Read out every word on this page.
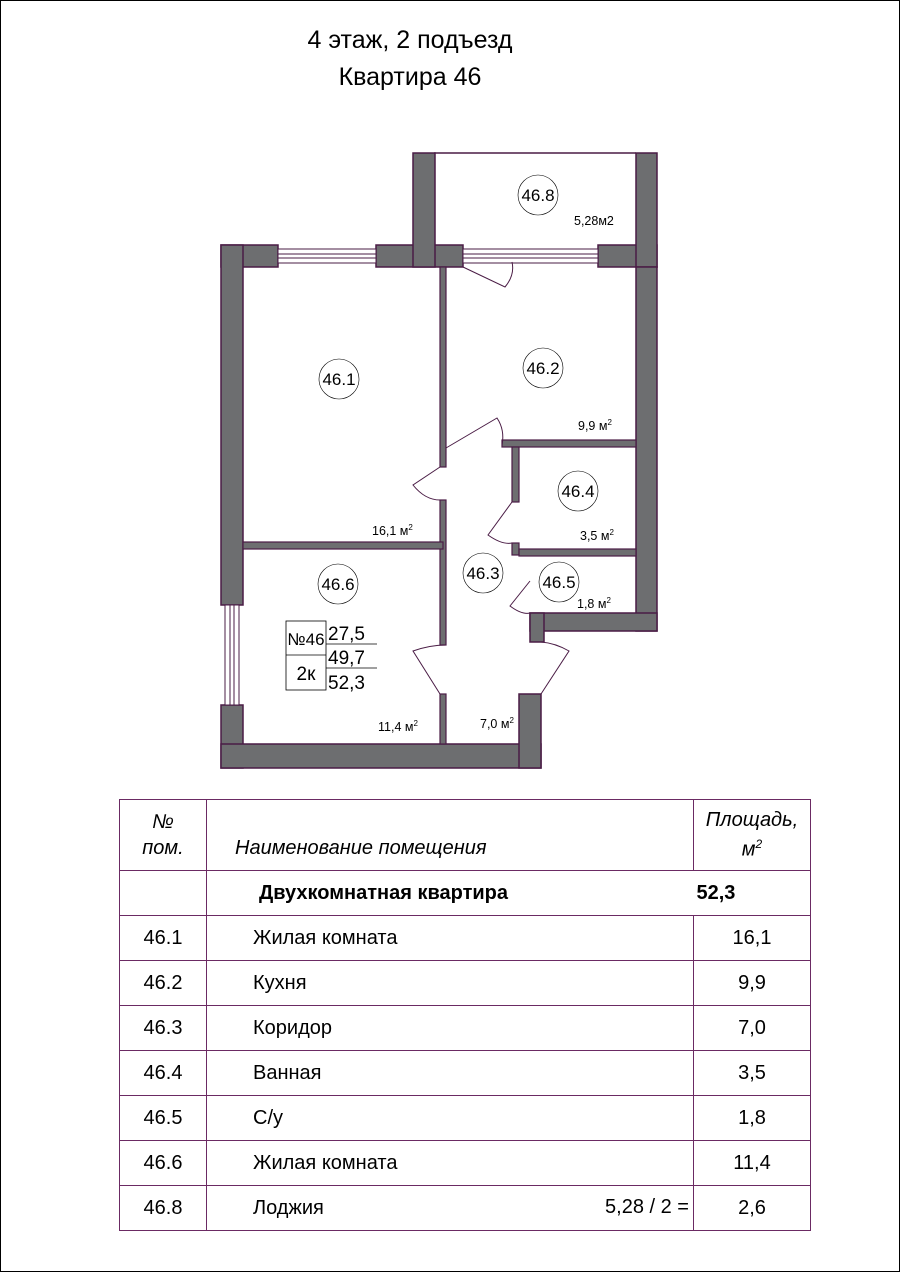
4 этаж, 2 подъезд
Квартира 46
46.8
5,28м2
46.1
16,1 $м^2$
46.2
9,9 $м^2$
46.4
3,5 $м^2$
46.3
7,0 $м^2$
46.5
1,8 $м^2$
46.6
11,4 $м^2$
№46
2к
27,5
49,7
52,3
№
пом.	Наименование помещения	Площадь,
$м^2$
	Двухкомнатная квартира	52,3
46.1	Жилая комната	16,1
46.2	Кухня	9,9
46.3	Коридор	7,0
46.4	Ванная	3,5
46.5	С/у	1,8
46.6	Жилая комната	11,4
46.8	Лоджия 5,28 / 2 =	2,6
